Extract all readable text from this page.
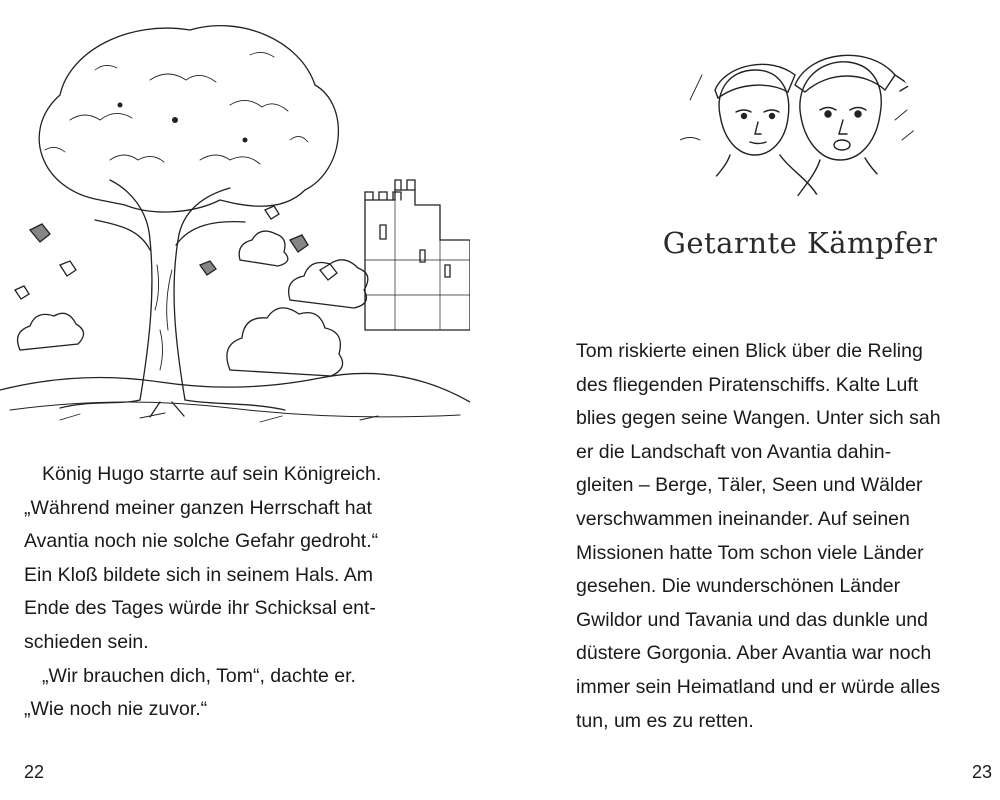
König Hugo starrte auf sein Königreich.
„Während meiner ganzen Herrschaft hat
Avantia noch nie solche Gefahr gedroht.“
Ein Kloß bildete sich in seinem Hals. Am
Ende des Tages würde ihr Schicksal ent-
schieden sein.
„Wir brauchen dich, Tom“, dachte er.
„Wie noch nie zuvor.“
22
Getarnte Kämpfer
Tom riskierte einen Blick über die Reling
des fliegenden Piratenschiffs. Kalte Luft
blies gegen seine Wangen. Unter sich sah
er die Landschaft von Avantia dahin-
gleiten – Berge, Täler, Seen und Wälder
verschwammen ineinander. Auf seinen
Missionen hatte Tom schon viele Länder
gesehen. Die wunderschönen Länder
Gwildor und Tavania und das dunkle und
düstere Gorgonia. Aber Avantia war noch
immer sein Heimatland und er würde alles
tun, um es zu retten.
23
